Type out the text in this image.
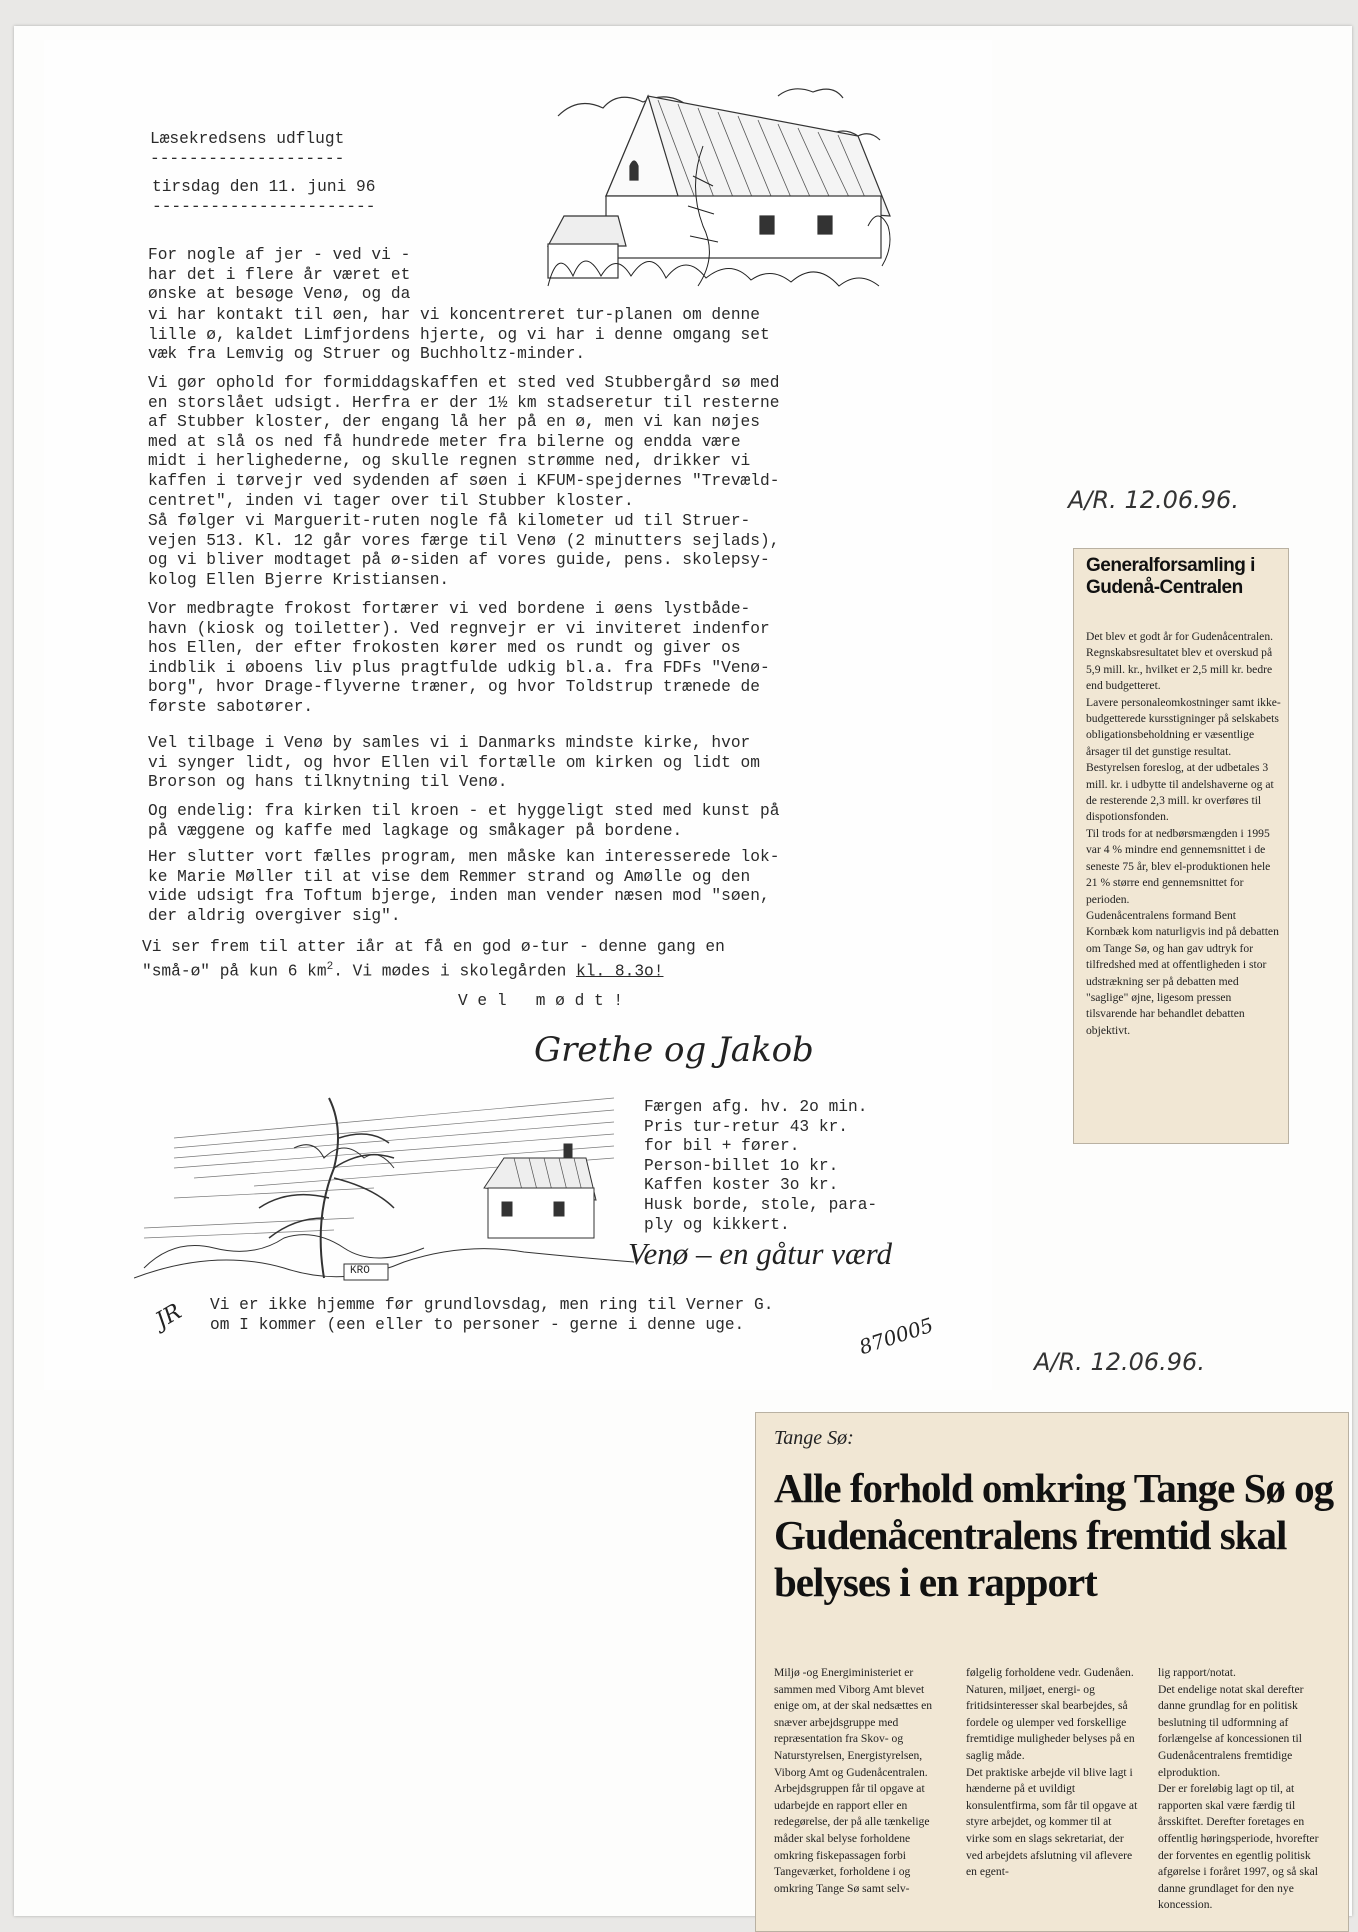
Læsekredsens udflugt
--------------------
tirsdag den 11. juni 96
-----------------------
For nogle af jer - ved vi -
har det i flere år været et
ønske at besøge Venø, og da
vi har kontakt til øen, har vi koncentreret tur-planen om denne
lille ø, kaldet Limfjordens hjerte, og vi har i denne omgang set
væk fra Lemvig og Struer og Buchholtz-minder.
Vi gør ophold for formiddagskaffen et sted ved Stubbergård sø med
en storslået udsigt. Herfra er der 1½ km stadseretur til resterne
af Stubber kloster, der engang lå her på en ø, men vi kan nøjes
med at slå os ned få hundrede meter fra bilerne og endda være
midt i herlighederne, og skulle regnen strømme ned, drikker vi
kaffen i tørvejr ved sydenden af søen i KFUM-spejdernes "Trevæld-
centret", inden vi tager over til Stubber kloster.
Så følger vi Marguerit-ruten nogle få kilometer ud til Struer-
vejen 513. Kl. 12 går vores færge til Venø (2 minutters sejlads),
og vi bliver modtaget på ø-siden af vores guide, pens. skolepsy-
kolog Ellen Bjerre Kristiansen.
Vor medbragte frokost fortærer vi ved bordene i øens lystbåde-
havn (kiosk og toiletter). Ved regnvejr er vi inviteret indenfor
hos Ellen, der efter frokosten kører med os rundt og giver os
indblik i øboens liv plus pragtfulde udkig bl.a. fra FDFs "Venø-
borg", hvor Drage-flyverne træner, og hvor Toldstrup trænede de
første sabotører.
Vel tilbage i Venø by samles vi i Danmarks mindste kirke, hvor
vi synger lidt, og hvor Ellen vil fortælle om kirken og lidt om
Brorson og hans tilknytning til Venø.
Og endelig: fra kirken til kroen - et hyggeligt sted med kunst på
på væggene og kaffe med lagkage og småkager på bordene.
Her slutter vort fælles program, men måske kan interesserede lok-
ke Marie Møller til at vise dem Remmer strand og Amølle og den
vide udsigt fra Toftum bjerge, inden man vender næsen mod "søen,
der aldrig overgiver sig".
Vi ser frem til atter iår at få en god ø-tur - denne gang en
"små-ø" på kun 6 $km^2$. Vi mødes i skolegården kl. 8.3o!
V e l   m ø d t !
Grethe og Jakob
Færgen afg. hv. 2o min.
Pris tur-retur 43 kr.
for bil + fører.
Person-billet 1o kr.
Kaffen koster 3o kr.
Husk borde, stole, para-
ply og kikkert.
KRO	Venø – en gåtur værd
Vi er ikke hjemme før grundlovsdag, men ring til Verner G.
om I kommer (een eller to personer - gerne i denne uge.
JR	870005
A/R. 12.06.96.
Generalforsamling i Gudenå-Centralen

Det blev et godt år for Gudenåcentralen.

Regnskabsresultatet blev et overskud på 5,9 mill. kr., hvilket er 2,5 mill kr. bedre end budgetteret.

Lavere personaleomkostninger samt ikke-budgetterede kursstigninger på selskabets obligationsbeholdning er væsentlige årsager til det gunstige resultat.

Bestyrelsen foreslog, at der udbetales 3 mill. kr. i udbytte til andelshaverne og at de resterende 2,3 mill. kr overføres til dispotionsfonden.

Til trods for at nedbørsmængden i 1995 var 4 % mindre end gennemsnittet i de seneste 75 år, blev el-produktionen hele 21 % større end gennemsnittet for perioden.

Gudenåcentralens formand Bent Kornbæk kom naturligvis ind på debatten om Tange Sø, og han gav udtryk for tilfredshed med at offentligheden i stor udstrækning ser på debatten med "saglige" øjne, ligesom pressen tilsvarende har behandlet debatten objektivt.

A/R. 12.06.96.
Tange Sø:
Alle forhold omkring Tange Sø og Gudenåcentralens fremtid skal belyses i en rapport

Miljø -og Energiministeriet er sammen med Viborg Amt blevet enige om, at der skal nedsættes en snæver arbejdsgruppe med repræsentation fra Skov- og Naturstyrelsen, Energistyrelsen, Viborg Amt og Gudenåcentralen.

Arbejdsgruppen får til opgave at udarbejde en rapport eller en redegørelse, der på alle tænkelige måder skal belyse forholdene omkring fiskepassagen forbi Tangeværket, forholdene i og omkring Tange Sø samt selv-

følgelig forholdene vedr. Gudenåen.

Naturen, miljøet, energi- og fritidsinteresser skal bearbejdes, så fordele og ulemper ved forskellige fremtidige muligheder belyses på en saglig måde.

Det praktiske arbejde vil blive lagt i hænderne på et uvildigt konsulentfirma, som får til opgave at styre arbejdet, og kommer til at virke som en slags sekretariat, der ved arbejdets afslutning vil aflevere en egent-

lig rapport/notat.

Det endelige notat skal derefter danne grundlag for en politisk beslutning til udformning af forlængelse af koncessionen til Gudenåcentralens fremtidige elproduktion.

Der er foreløbig lagt op til, at rapporten skal være færdig til årsskiftet. Derefter foretages en offentlig høringsperiode, hvorefter der forventes en egentlig politisk afgørelse i foråret 1997, og så skal danne grundlaget for den nye koncession.
